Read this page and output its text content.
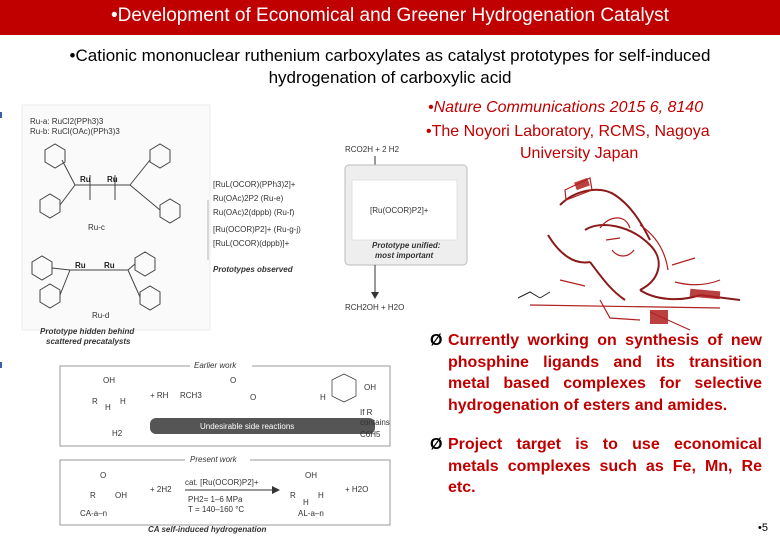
•Development of Economical and Greener Hydrogenation Catalyst
•Cationic mononuclear ruthenium carboxylates as catalyst prototypes for self-induced
hydrogenation of carboxylic acid
•Nature Communications 2015 6, 8140
•The Noyori Laboratory, RCMS, Nagoya
University Japan
Ru-a: RuCl2(PPh3)3
Ru-b: RuCl(OAc)(PPh3)3
Ru Ru
Ru-c
Ru Ru
Ru-d
Prototype hidden behind
scattered precatalysts
[RuL(OCOR)(PPh3)2]+
Ru(OAc)2P2 (Ru-e)
Ru(OAc)2(dppb) (Ru-f)
[Ru(OCOR)P2]+ (Ru-g-j)
[RuL(OCOR)(dppb)]+
Prototypes observed
RCO2H + 2 H2
[Ru(OCOR)P2]+
Prototype unified:
most important
RCH2OH + H2O
Earlier work
OH
R
H
H
+ RH RCH3
O
O	H
OH
Undesirable side reactions
H2
If R
contains
C6H5
Present work
O
R OH
CA-a–n
+ 2H2
cat. [Ru(OCOR)P2]+
PH2= 1–6 MPa
T = 140–160 °C
OH
R
H
H
AL-a–n
+ H2O
CA self-induced hydrogenation
Ø Currently working on synthesis of new phosphine ligands and its transition metal based complexes for selective hydrogenation of esters and amides.
Ø Project target is to use economical metals complexes such as Fe, Mn, Re etc.
•5
